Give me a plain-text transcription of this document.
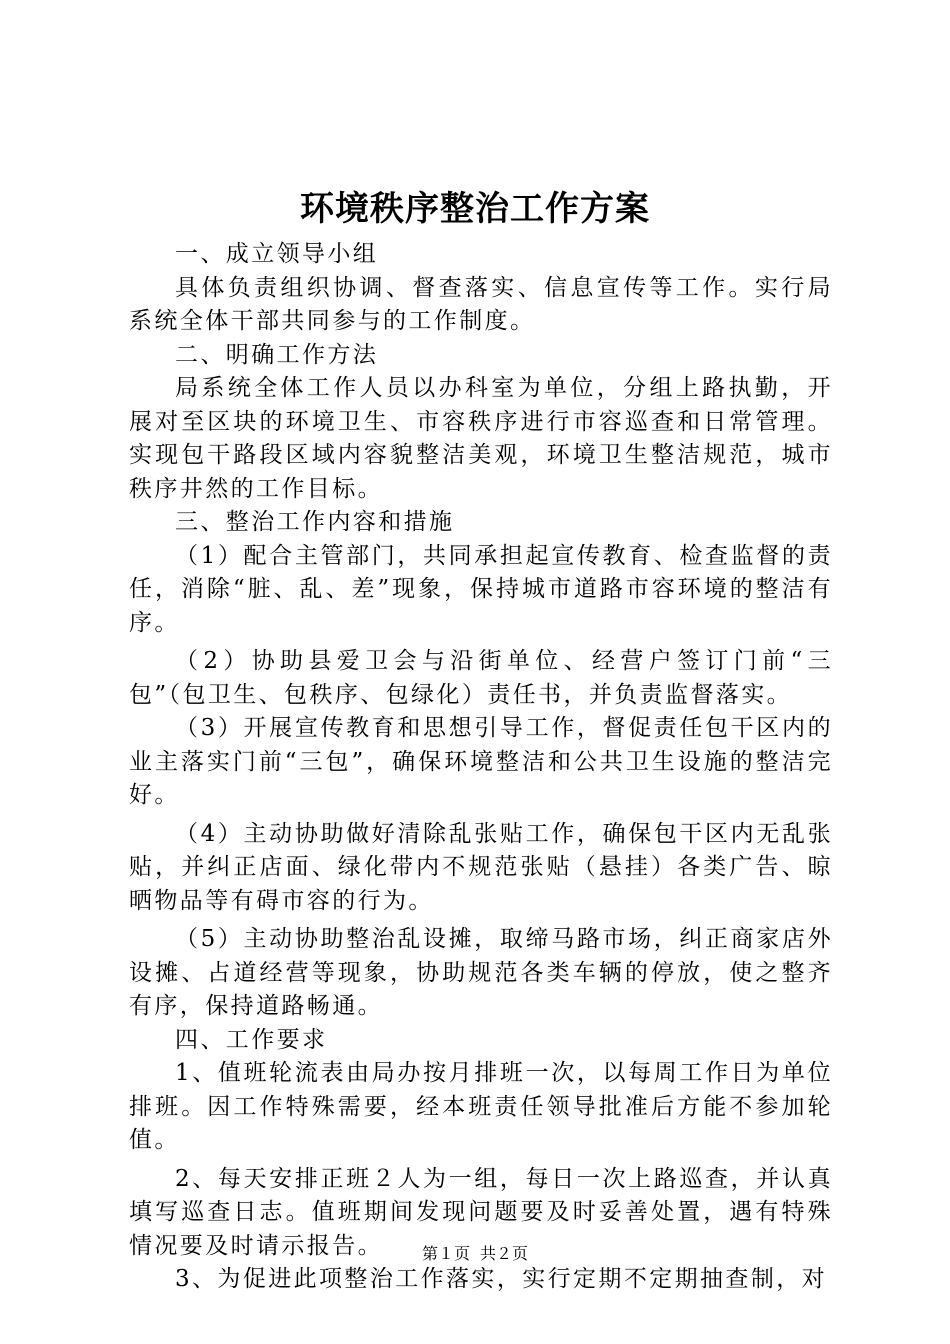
环境秩序整治工作方案

一、成立领导小组

具体负责组织协调、督查落实、信息宣传等工作。实行局系统全体干部共同参与的工作制度。

二、明确工作方法

局系统全体工作人员以办科室为单位，分组上路执勤，开展对至区块的环境卫生、市容秩序进行市容巡查和日常管理。实现包干路段区域内容貌整洁美观，环境卫生整洁规范，城市秩序井然的工作目标。

三、整治工作内容和措施

（1）配合主管部门，共同承担起宣传教育、检查监督的责任，消除“脏、乱、差”现象，保持城市道路市容环境的整洁有序。

（2）协助县爱卫会与沿街单位、经营户签订门前“三包”（包卫生、包秩序、包绿化）责任书，并负责监督落实。

（3）开展宣传教育和思想引导工作，督促责任包干区内的业主落实门前“三包”，确保环境整洁和公共卫生设施的整洁完好。

（4）主动协助做好清除乱张贴工作，确保包干区内无乱张贴，并纠正店面、绿化带内不规范张贴（悬挂）各类广告、晾晒物品等有碍市容的行为。

（5）主动协助整治乱设摊，取缔马路市场，纠正商家店外设摊、占道经营等现象，协助规范各类车辆的停放，使之整齐有序，保持道路畅通。

四、工作要求

1、值班轮流表由局办按月排班一次，以每周工作日为单位排班。因工作特殊需要，经本班责任领导批准后方能不参加轮值。

2、每天安排正班２人为一组，每日一次上路巡查，并认真填写巡查日志。值班期间发现问题要及时妥善处置，遇有特殊情况要及时请示报告。

3、为促进此项整治工作落实，实行定期不定期抽查制，对

第１页 共２页
